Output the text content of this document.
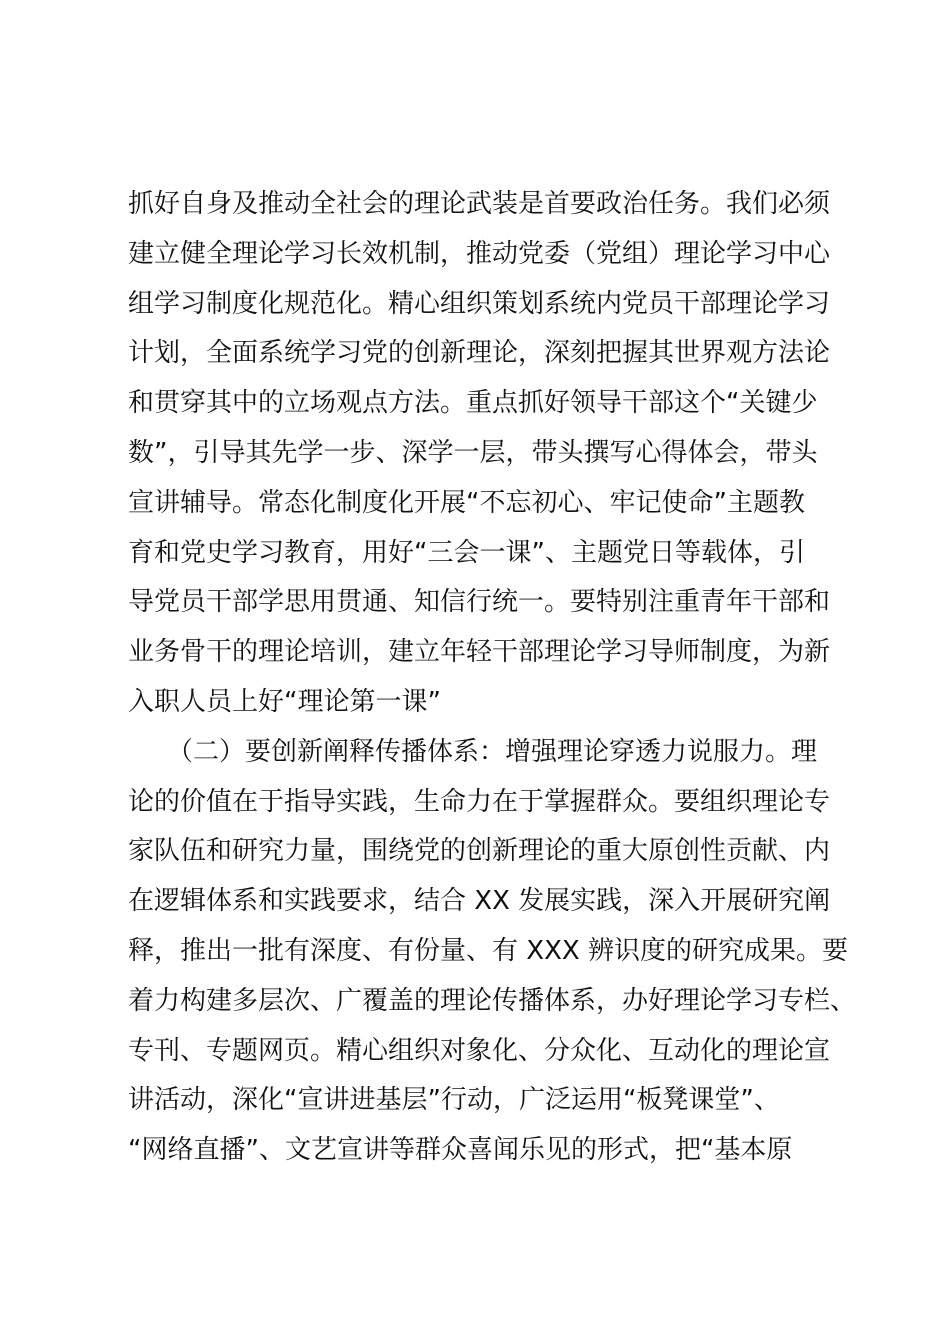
抓好自身及推动全社会的理论武装是首要政治任务。我们必须
建立健全理论学习长效机制，推动党委（党组）理论学习中心
组学习制度化规范化。精心组织策划系统内党员干部理论学习
计划，全面系统学习党的创新理论，深刻把握其世界观方法论
和贯穿其中的立场观点方法。重点抓好领导干部这个“关键少
数”，引导其先学一步、深学一层，带头撰写心得体会，带头
宣讲辅导。常态化制度化开展“不忘初心、牢记使命”主题教
育和党史学习教育，用好“三会一课”、主题党日等载体，引
导党员干部学思用贯通、知信行统一。要特别注重青年干部和
业务骨干的理论培训，建立年轻干部理论学习导师制度，为新
入职人员上好“理论第一课”
　　（二）要创新阐释传播体系：增强理论穿透力说服力。理
论的价值在于指导实践，生命力在于掌握群众。要组织理论专
家队伍和研究力量，围绕党的创新理论的重大原创性贡献、内
在逻辑体系和实践要求，结合 XX 发展实践，深入开展研究阐
释，推出一批有深度、有份量、有 XXX 辨识度的研究成果。要
着力构建多层次、广覆盖的理论传播体系，办好理论学习专栏、
专刊、专题网页。精心组织对象化、分众化、互动化的理论宣
讲活动，深化“宣讲进基层”行动，广泛运用“板凳课堂”、
“网络直播”、文艺宣讲等群众喜闻乐见的形式，把“基本原
